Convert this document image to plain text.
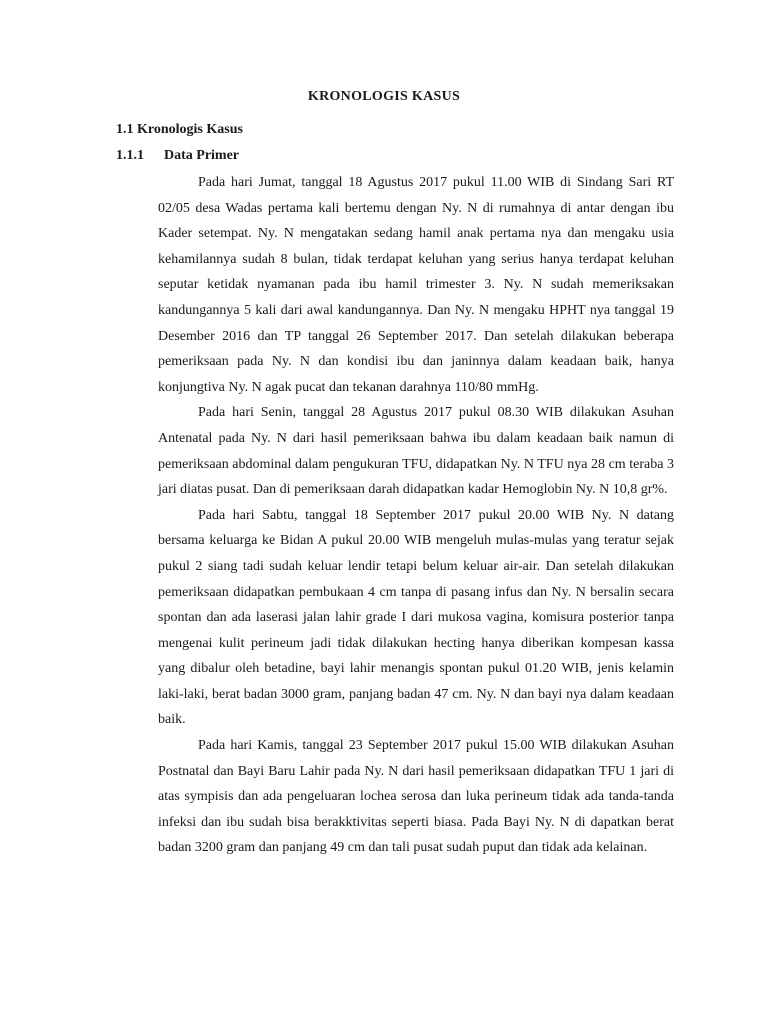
KRONOLOGIS KASUS
1.1 Kronologis Kasus
1.1.1	Data Primer

Pada hari Jumat, tanggal 18 Agustus 2017 pukul 11.00 WIB di Sindang Sari RT 02/05 desa Wadas pertama kali bertemu dengan Ny. N di rumahnya di antar dengan ibu Kader setempat. Ny. N mengatakan sedang hamil anak pertama nya dan mengaku usia kehamilannya sudah 8 bulan, tidak terdapat keluhan yang serius hanya terdapat keluhan seputar ketidak nyamanan pada ibu hamil trimester 3. Ny. N sudah memeriksakan kandungannya 5 kali dari awal kandungannya. Dan Ny. N mengaku HPHT nya tanggal 19 Desember 2016 dan TP tanggal 26 September 2017. Dan setelah dilakukan beberapa pemeriksaan pada Ny. N dan kondisi ibu dan janinnya dalam keadaan baik, hanya konjungtiva Ny. N agak pucat dan tekanan darahnya 110/80 mmHg.

Pada hari Senin, tanggal 28 Agustus 2017 pukul 08.30 WIB dilakukan Asuhan Antenatal pada Ny. N dari hasil pemeriksaan bahwa ibu dalam keadaan baik namun di pemeriksaan abdominal dalam pengukuran TFU, didapatkan Ny. N TFU nya 28 cm teraba 3 jari diatas pusat. Dan di pemeriksaan darah didapatkan kadar Hemoglobin Ny. N 10,8 gr%.

Pada hari Sabtu, tanggal 18 September 2017 pukul 20.00 WIB Ny. N datang bersama keluarga ke Bidan A pukul 20.00 WIB mengeluh mulas-mulas yang teratur sejak pukul 2 siang tadi sudah keluar lendir tetapi belum keluar air-air. Dan setelah dilakukan pemeriksaan didapatkan pembukaan 4 cm tanpa di pasang infus dan Ny. N bersalin secara spontan dan ada laserasi jalan lahir grade I dari mukosa vagina, komisura posterior tanpa mengenai kulit perineum jadi tidak dilakukan hecting hanya diberikan kompesan kassa yang dibalur oleh betadine, bayi lahir menangis spontan pukul 01.20 WIB, jenis kelamin laki-laki, berat badan 3000 gram, panjang badan 47 cm. Ny. N dan bayi nya dalam keadaan baik.

Pada hari Kamis, tanggal 23 September 2017 pukul 15.00 WIB dilakukan Asuhan Postnatal dan Bayi Baru Lahir pada Ny. N dari hasil pemeriksaan didapatkan TFU 1 jari di atas sympisis dan ada pengeluaran lochea serosa dan luka perineum tidak ada tanda-tanda infeksi dan ibu sudah bisa berakktivitas seperti biasa. Pada Bayi Ny. N di dapatkan berat badan 3200 gram dan panjang 49 cm dan tali pusat sudah puput dan tidak ada kelainan.
